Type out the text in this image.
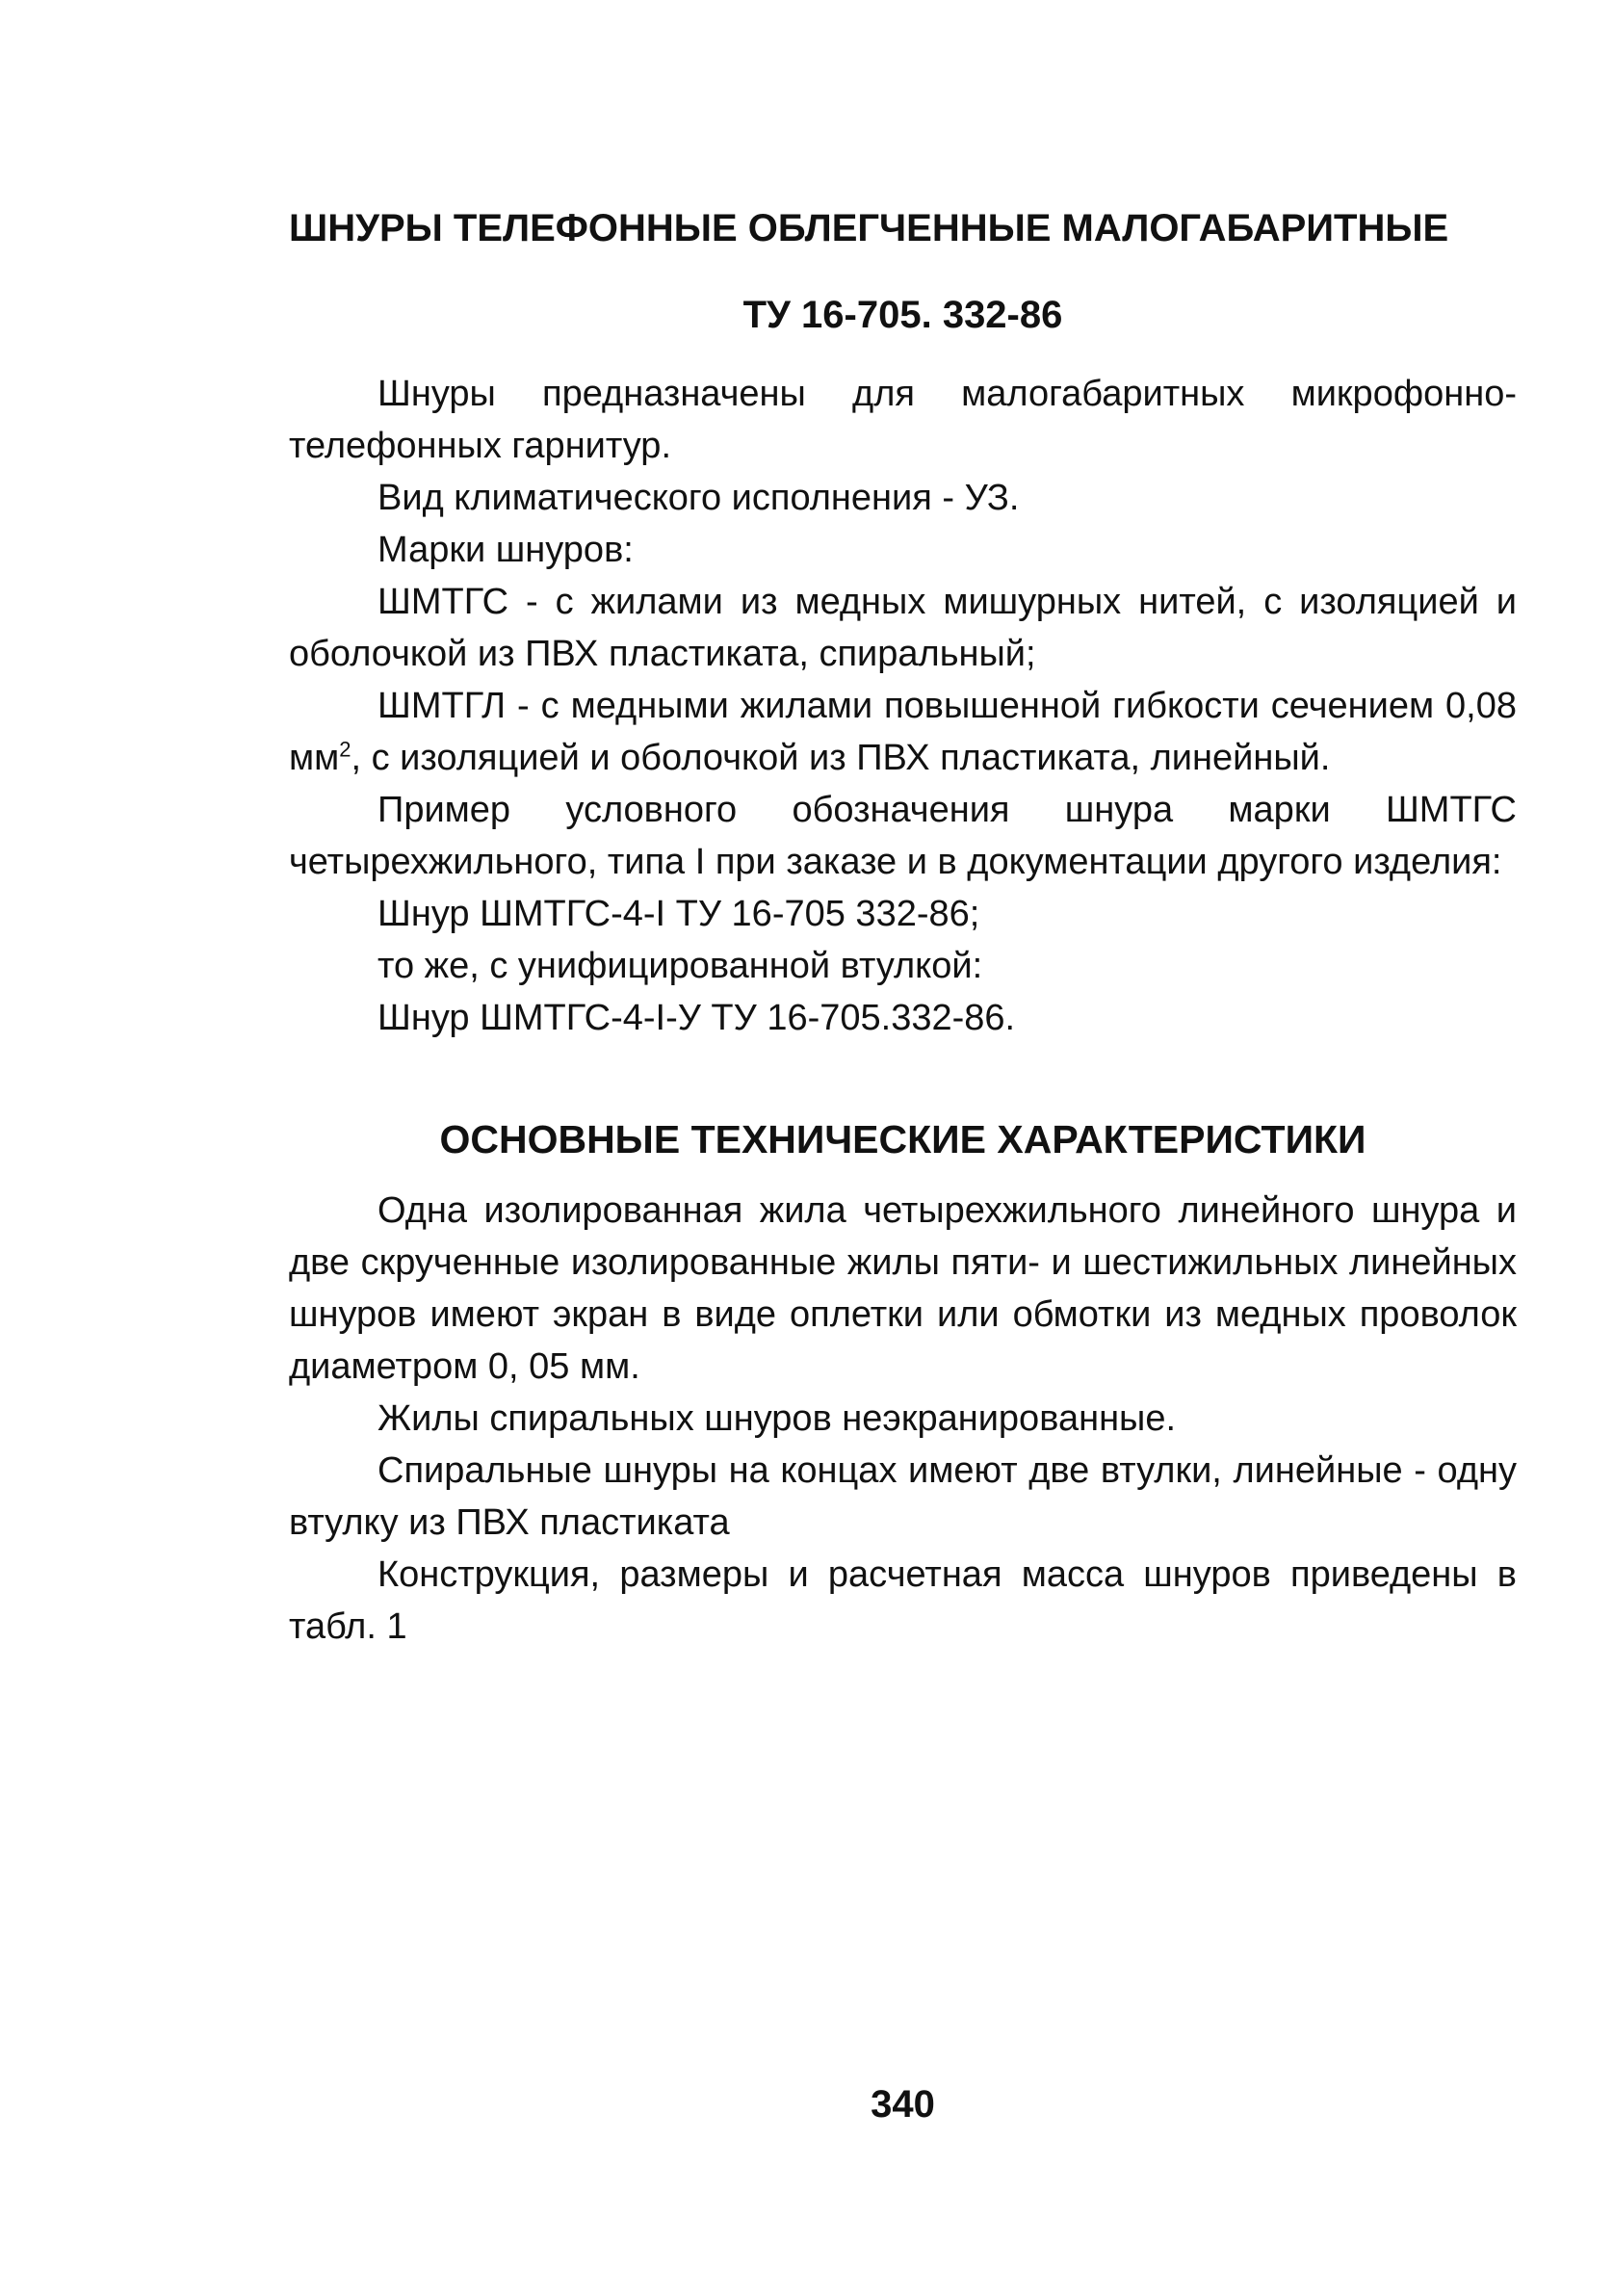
ШНУРЫ ТЕЛЕФОННЫЕ ОБЛЕГЧЕННЫЕ МАЛОГАБАРИТНЫЕ
ТУ 16-705. 332-86

Шнуры предназначены для малогабаритных микрофонно-телефонных гарнитур.

Вид климатического исполнения - УЗ.

Марки шнуров:

ШМТГС - с жилами из медных мишурных нитей, с изоляцией и оболочкой из ПВХ пластиката, спиральный;

ШМТГЛ - с медными жилами повышенной гибкости сечением 0,08 $мм^2$, с изоляцией и оболочкой из ПВХ пластиката, линейный.

Пример условного обозначения шнура марки ШМТГС четырехжильного, типа I при заказе и в документации другого изделия:

Шнур ШМТГС-4-I ТУ 16-705 332-86;

то же, с унифицированной втулкой:

Шнур ШМТГС-4-I-У ТУ 16-705.332-86.

ОСНОВНЫЕ ТЕХНИЧЕСКИЕ ХАРАКТЕРИСТИКИ

Одна изолированная жила четырехжильного линейного шнура и две скрученные изолированные жилы пяти- и шестижильных линейных шнуров имеют экран в виде оплетки или обмотки из медных проволок диаметром 0, 05 мм.

Жилы спиральных шнуров неэкранированные.

Спиральные шнуры на концах имеют две втулки, линейные - одну втулку из ПВХ пластиката

Конструкция, размеры и расчетная масса шнуров приведены в табл. 1

340
